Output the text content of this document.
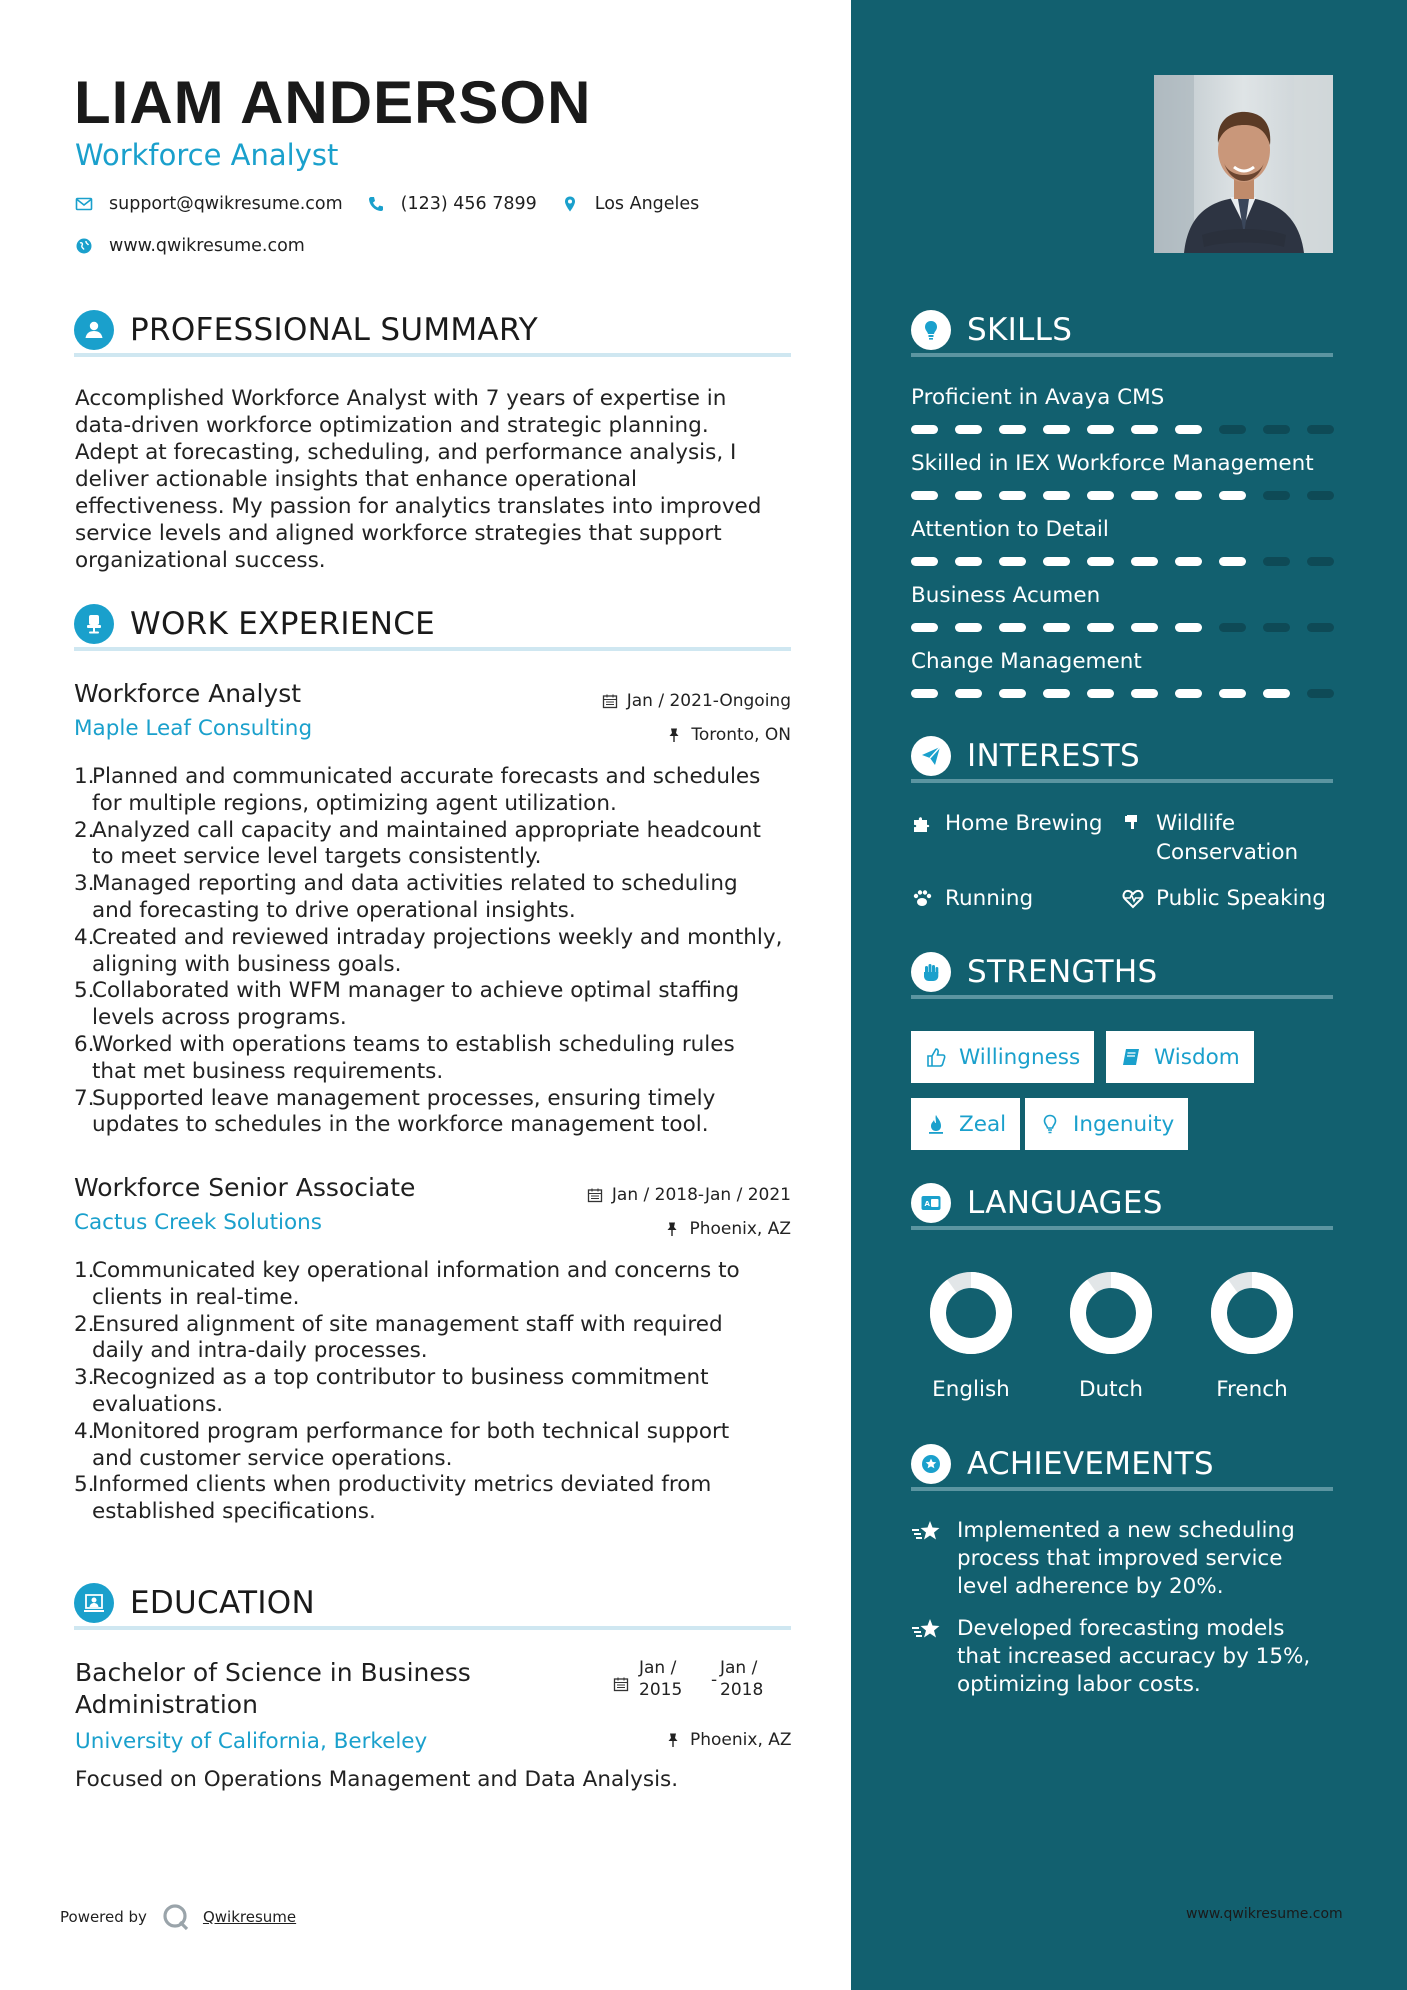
LIAM ANDERSON
Workforce Analyst
support@qwikresume.com	(123) 456 7899	Los Angeles
www.qwikresume.com
PROFESSIONAL SUMMARY
Accomplished Workforce Analyst with 7 years of expertise in
data-driven workforce optimization and strategic planning.
Adept at forecasting, scheduling, and performance analysis, I
deliver actionable insights that enhance operational
effectiveness. My passion for analytics translates into improved
service levels and aligned workforce strategies that support
organizational success.
WORK EXPERIENCE
Workforce Analyst
Maple Leaf Consulting
Jan / 2021-Ongoing
Toronto, ON
1.
Planned and communicated accurate forecasts and schedules
for multiple regions, optimizing agent utilization.
2.
Analyzed call capacity and maintained appropriate headcount
to meet service level targets consistently.
3.
Managed reporting and data activities related to scheduling
and forecasting to drive operational insights.
4.
Created and reviewed intraday projections weekly and monthly,
aligning with business goals.
5.
Collaborated with WFM manager to achieve optimal staffing
levels across programs.
6.
Worked with operations teams to establish scheduling rules
that met business requirements.
7.
Supported leave management processes, ensuring timely
updates to schedules in the workforce management tool.
Workforce Senior Associate
Cactus Creek Solutions
Jan / 2018-Jan / 2021
Phoenix, AZ
1.
Communicated key operational information and concerns to
clients in real-time.
2.
Ensured alignment of site management staff with required
daily and intra-daily processes.
3.
Recognized as a top contributor to business commitment
evaluations.
4.
Monitored program performance for both technical support
and customer service operations.
5.
Informed clients when productivity metrics deviated from
established specifications.
EDUCATION
Bachelor of Science in Business
Administration
Jan /
2015 -
Jan /
2018
University of California, Berkeley	Phoenix, AZ
Focused on Operations Management and Data Analysis.
Powered by	Qwikresume
SKILLS
Proficient in Avaya CMS
Skilled in IEX Workforce Management
Attention to Detail
Business Acumen
Change Management
INTERESTS
Home Brewing Wildlife
Conservation
Running	Public Speaking
STRENGTHS
Willingness	Wisdom
Zeal	Ingenuity
A LANGUAGES
English	Dutch	French
ACHIEVEMENTS
Implemented a new scheduling
process that improved service
level adherence by 20%.
Developed forecasting models
that increased accuracy by 15%,
optimizing labor costs.
www.qwikresume.com
